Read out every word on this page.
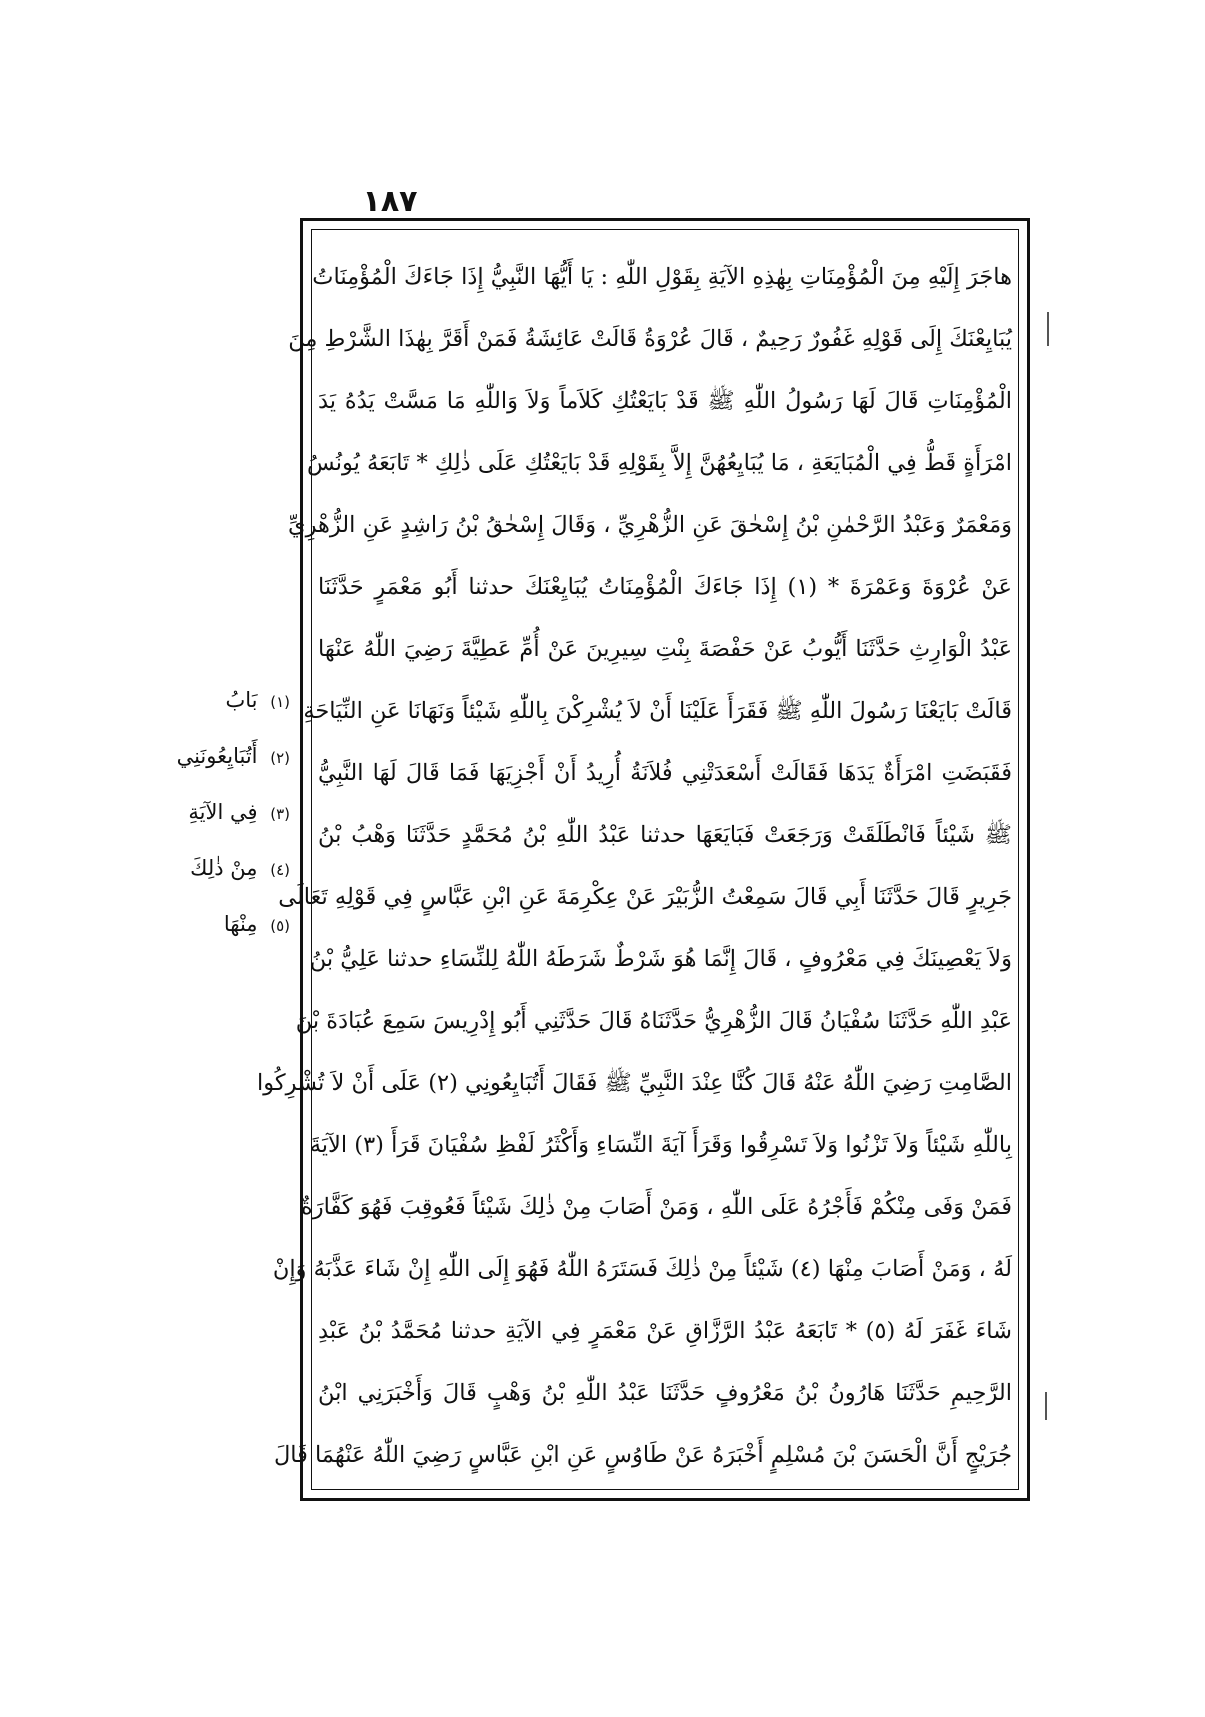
١٨٧
هاجَرَ إِلَيْهِ مِنَ الْمُؤْمِنَاتِ بِهٰذِهِ الآيَةِ بِقَوْلِ اللّٰهِ : يَا أَيُّهَا النَّبِيُّ إِذَا جَاءَكَ الْمُؤْمِنَاتُ
يُبَايِعْنَكَ إِلَى قَوْلِهِ غَفُورٌ رَحِيمٌ ، قَالَ عُرْوَةُ قَالَتْ عَائِشَةُ فَمَنْ أَقَرَّ بِهٰذَا الشَّرْطِ مِنَ
الْمُؤْمِنَاتِ قَالَ لَهَا رَسُولُ اللّٰهِ ﷺ قَدْ بَايَعْتُكِ كَلاَماً وَلاَ وَاللّٰهِ مَا مَسَّتْ يَدُهُ يَدَ
امْرَأَةٍ قَطُّ فِي الْمُبَايَعَةِ ، مَا يُبَايِعُهُنَّ إِلاَّ بِقَوْلِهِ قَدْ بَايَعْتُكِ عَلَى ذٰلِكِ * تَابَعَهُ يُونُسُ
وَمَعْمَرٌ وَعَبْدُ الرَّحْمٰنِ بْنُ إِسْحٰقَ عَنِ الزُّهْرِيِّ ، وَقَالَ إِسْحٰقُ بْنُ رَاشِدٍ عَنِ الزُّهْرِيِّ
عَنْ عُرْوَةَ وَعَمْرَةَ * (١) إِذَا جَاءَكَ الْمُؤْمِنَاتُ يُبَايِعْنَكَ حدثنا أَبُو مَعْمَرٍ حَدَّثَنَا
عَبْدُ الْوَارِثِ حَدَّثَنَا أَيُّوبُ عَنْ حَفْصَةَ بِنْتِ سِيرِينَ عَنْ أُمِّ عَطِيَّةَ رَضِيَ اللّٰهُ عَنْهَا
قَالَتْ بَايَعْنَا رَسُولَ اللّٰهِ ﷺ فَقَرَأَ عَلَيْنَا أَنْ لاَ يُشْرِكْنَ بِاللّٰهِ شَيْئاً وَنَهَانَا عَنِ النِّيَاحَةِ
فَقَبَضَتِ امْرَأَةٌ يَدَهَا فَقَالَتْ أَسْعَدَتْنِي فُلاَنَةُ أُرِيدُ أَنْ أَجْزِيَهَا فَمَا قَالَ لَهَا النَّبِيُّ
ﷺ شَيْئاً فَانْطَلَقَتْ وَرَجَعَتْ فَبَايَعَهَا حدثنا عَبْدُ اللّٰهِ بْنُ مُحَمَّدٍ حَدَّثَنَا وَهْبُ بْنُ
جَرِيرٍ قَالَ حَدَّثَنَا أَبِي قَالَ سَمِعْتُ الزُّبَيْرَ عَنْ عِكْرِمَةَ عَنِ ابْنِ عَبَّاسٍ فِي قَوْلِهِ تَعَالَى
وَلاَ يَعْصِينَكَ فِي مَعْرُوفٍ ، قَالَ إِنَّمَا هُوَ شَرْطٌ شَرَطَهُ اللّٰهُ لِلنِّسَاءِ حدثنا عَلِيُّ بْنُ
عَبْدِ اللّٰهِ حَدَّثَنَا سُفْيَانُ قَالَ الزُّهْرِيُّ حَدَّثَنَاهُ قَالَ حَدَّثَنِي أَبُو إِدْرِيسَ سَمِعَ عُبَادَةَ بْنَ
الصَّامِتِ رَضِيَ اللّٰهُ عَنْهُ قَالَ كُنَّا عِنْدَ النَّبِيِّ ﷺ فَقَالَ أَتُبَايِعُونِي (٢) عَلَى أَنْ لاَ تُشْرِكُوا
بِاللّٰهِ شَيْئاً وَلاَ تَزْنُوا وَلاَ تَسْرِقُوا وَقَرَأَ آيَةَ النِّسَاءِ وَأَكْثَرُ لَفْظِ سُفْيَانَ قَرَأَ (٣) الآيَةَ
فَمَنْ وَفَى مِنْكُمْ فَأَجْرُهُ عَلَى اللّٰهِ ، وَمَنْ أَصَابَ مِنْ ذٰلِكَ شَيْئاً فَعُوقِبَ فَهُوَ كَفَّارَةٌ
لَهُ ، وَمَنْ أَصَابَ مِنْهَا (٤) شَيْئاً مِنْ ذٰلِكَ فَسَتَرَهُ اللّٰهُ فَهُوَ إِلَى اللّٰهِ إِنْ شَاءَ عَذَّبَهُ وَإِنْ
شَاءَ غَفَرَ لَهُ (٥) * تَابَعَهُ عَبْدُ الرَّزَّاقِ عَنْ مَعْمَرٍ فِي الآيَةِ حدثنا مُحَمَّدُ بْنُ عَبْدِ
الرَّحِيمِ حَدَّثَنَا هَارُونُ بْنُ مَعْرُوفٍ حَدَّثَنَا عَبْدُ اللّٰهِ بْنُ وَهْبٍ قَالَ وَأَخْبَرَنِي ابْنُ
جُرَيْجٍ أَنَّ الْحَسَنَ بْنَ مُسْلِمٍ أَخْبَرَهُ عَنْ طَاوُسٍ عَنِ ابْنِ عَبَّاسٍ رَضِيَ اللّٰهُ عَنْهُمَا قَالَ
(١) بَابُ
(٢) أَتُبَايِعُونَنِي
(٣) فِي الآيَةِ
(٤) مِنْ ذٰلِكَ
(٥) مِنْهَا
